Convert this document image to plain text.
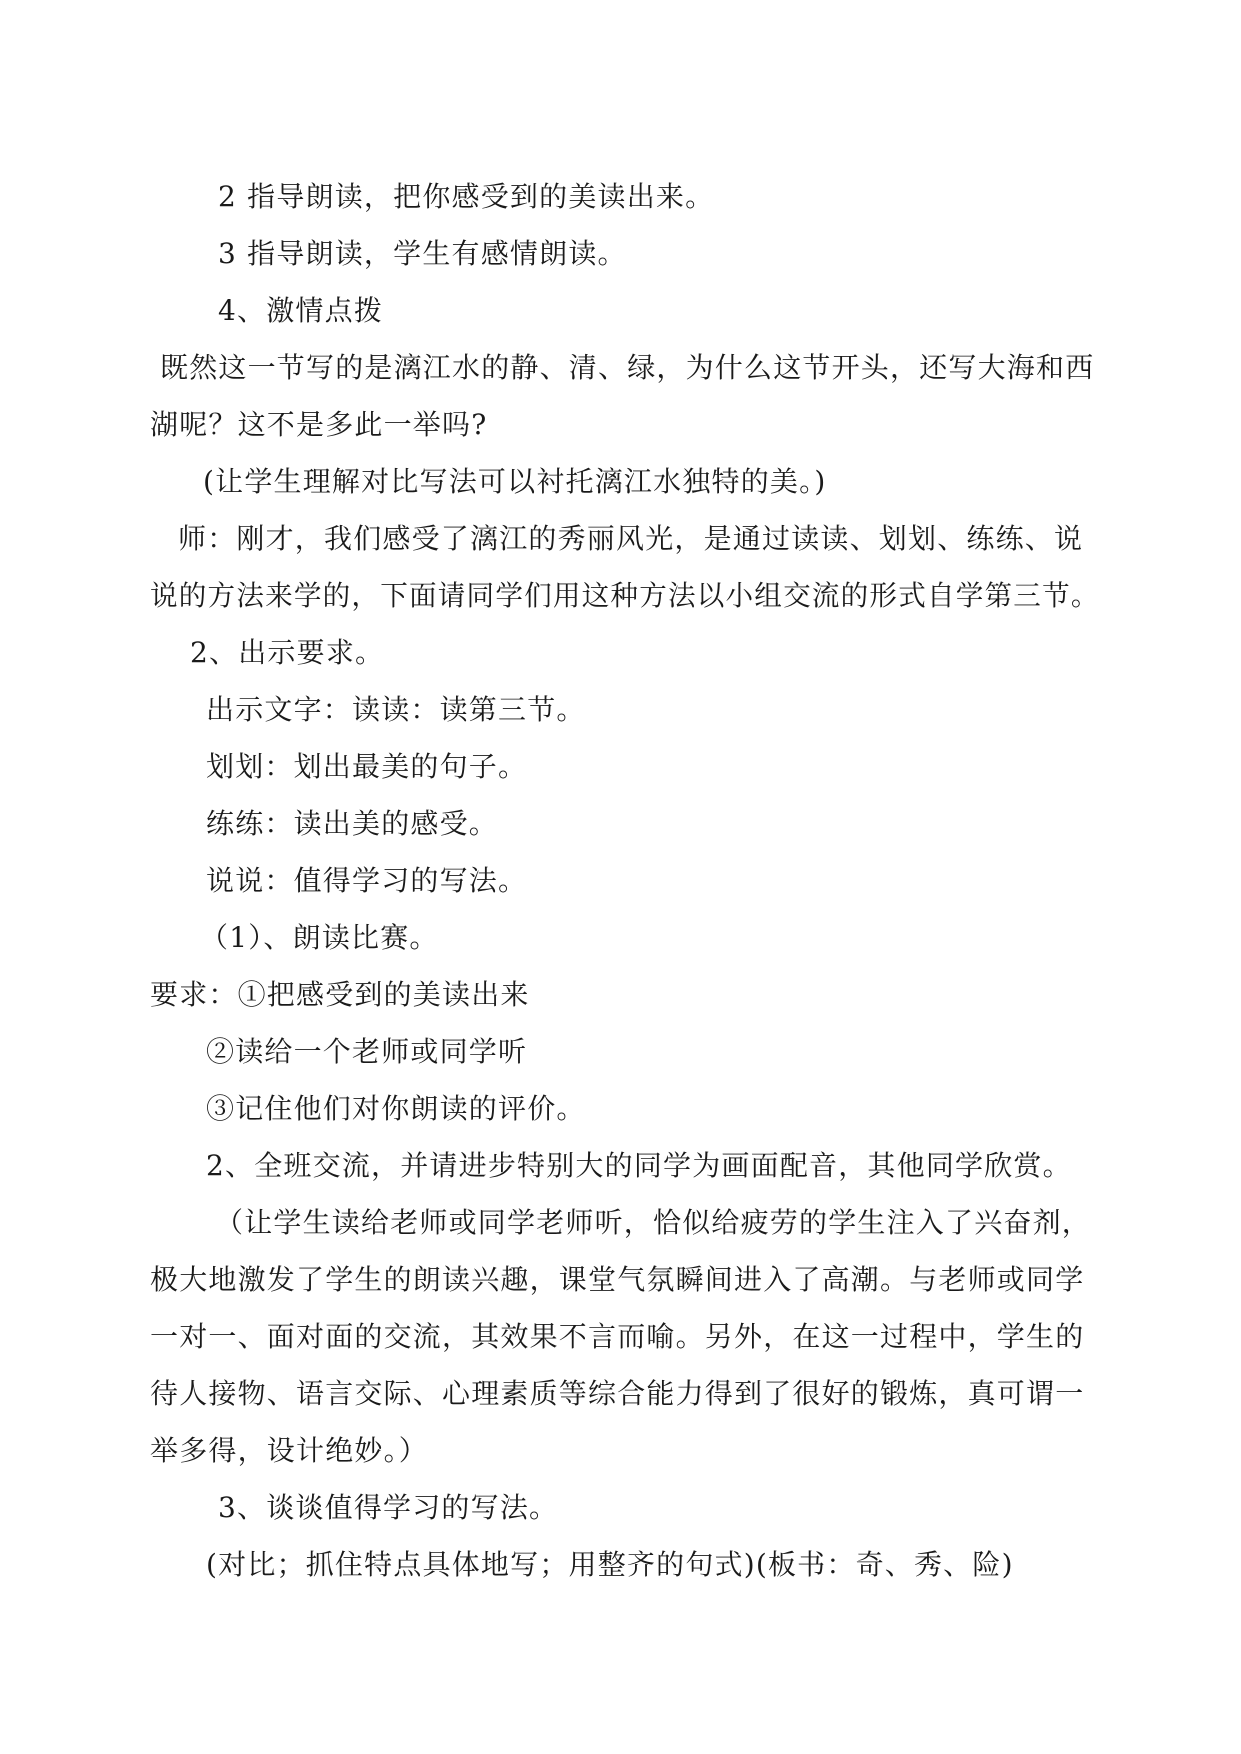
2 指导朗读，把你感受到的美读出来。
3 指导朗读，学生有感情朗读。
4、激情点拨
既然这一节写的是漓江水的静、清、绿，为什么这节开头，还写大海和西
湖呢？这不是多此一举吗?
(让学生理解对比写法可以衬托漓江水独特的美。)
师：刚才，我们感受了漓江的秀丽风光，是通过读读、划划、练练、说
说的方法来学的，下面请同学们用这种方法以小组交流的形式自学第三节。
2、出示要求。
出示文字：读读：读第三节。
划划：划出最美的句子。
练练：读出美的感受。
说说：值得学习的写法。
（1）、朗读比赛。
要求：①把感受到的美读出来
②读给一个老师或同学听
③记住他们对你朗读的评价。
2、全班交流，并请进步特别大的同学为画面配音，其他同学欣赏。
（让学生读给老师或同学老师听，恰似给疲劳的学生注入了兴奋剂，
极大地激发了学生的朗读兴趣，课堂气氛瞬间进入了高潮。与老师或同学
一对一、面对面的交流，其效果不言而喻。另外，在这一过程中，学生的
待人接物、语言交际、心理素质等综合能力得到了很好的锻炼，真可谓一
举多得，设计绝妙。）
3、谈谈值得学习的写法。
(对比；抓住特点具体地写；用整齐的句式)(板书：奇、秀、险)
